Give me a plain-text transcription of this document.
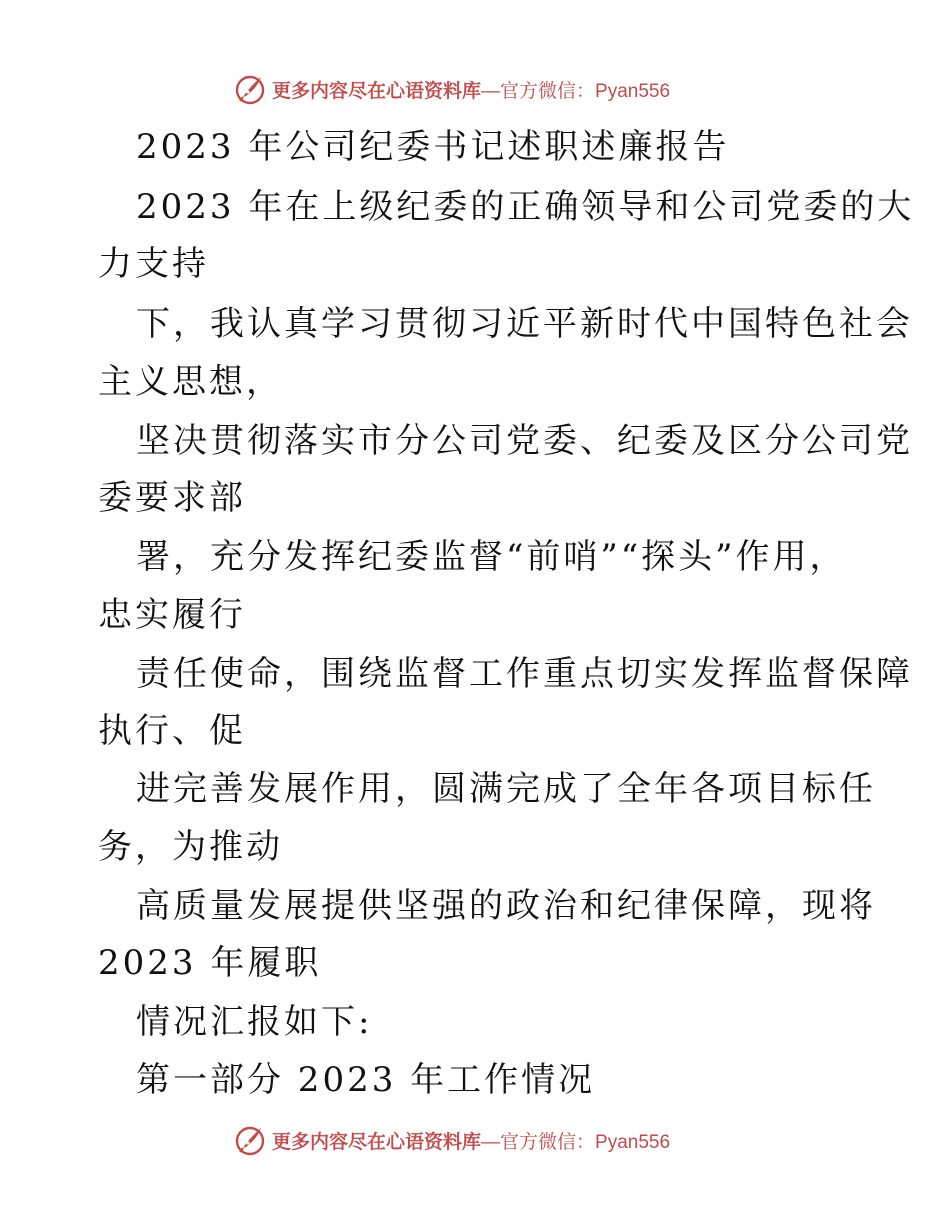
更多内容尽在心语资料库 —官方微信：Pyan556
2023 年公司纪委书记述职述廉报告
2023 年在上级纪委的正确领导和公司党委的大
力支持
下，我认真学习贯彻习近平新时代中国特色社会
主义思想，
坚决贯彻落实市分公司党委、纪委及区分公司党
委要求部
署，充分发挥纪委监督“前哨”“探头”作用，
忠实履行
责任使命，围绕监督工作重点切实发挥监督保障
执行、促
进完善发展作用，圆满完成了全年各项目标任
务，为推动
高质量发展提供坚强的政治和纪律保障，现将
2023 年履职
情况汇报如下:
第一部分 2023 年工作情况
更多内容尽在心语资料库 —官方微信：Pyan556
